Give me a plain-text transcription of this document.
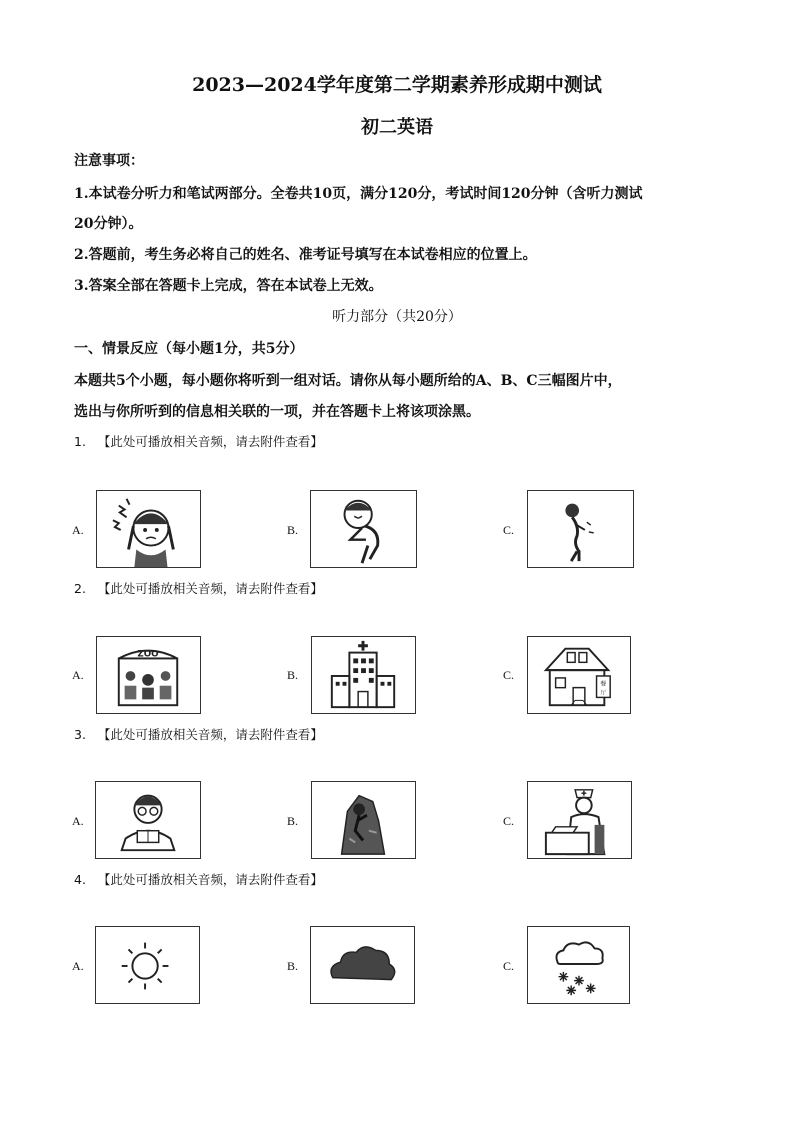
2023—2024学年度第二学期素养形成期中测试
初二英语
注意事项：
1.本试卷分听力和笔试两部分。全卷共10页，满分120分，考试时间120分钟（含听力测试
20分钟）。
2.答题前，考生务必将自己的姓名、准考证号填写在本试卷相应的位置上。
3.答案全部在答题卡上完成，答在本试卷上无效。
听力部分（共20分）
一、情景反应（每小题1分，共5分）
本题共5个小题，每小题你将听到一组对话。请你从每小题所给的A、B、C三幅图片中，
选出与你所听到的信息相关联的一项，并在答题卡上将该项涂黑。
1. 【此处可播放相关音频，请去附件查看】
A.	B.	C.
2. 【此处可播放相关音频，请去附件查看】
A.
ZOO
B.	C.
餐
厅
3. 【此处可播放相关音频，请去附件查看】
A.	B.	C.
4. 【此处可播放相关音频，请去附件查看】
A.	B.	C.
